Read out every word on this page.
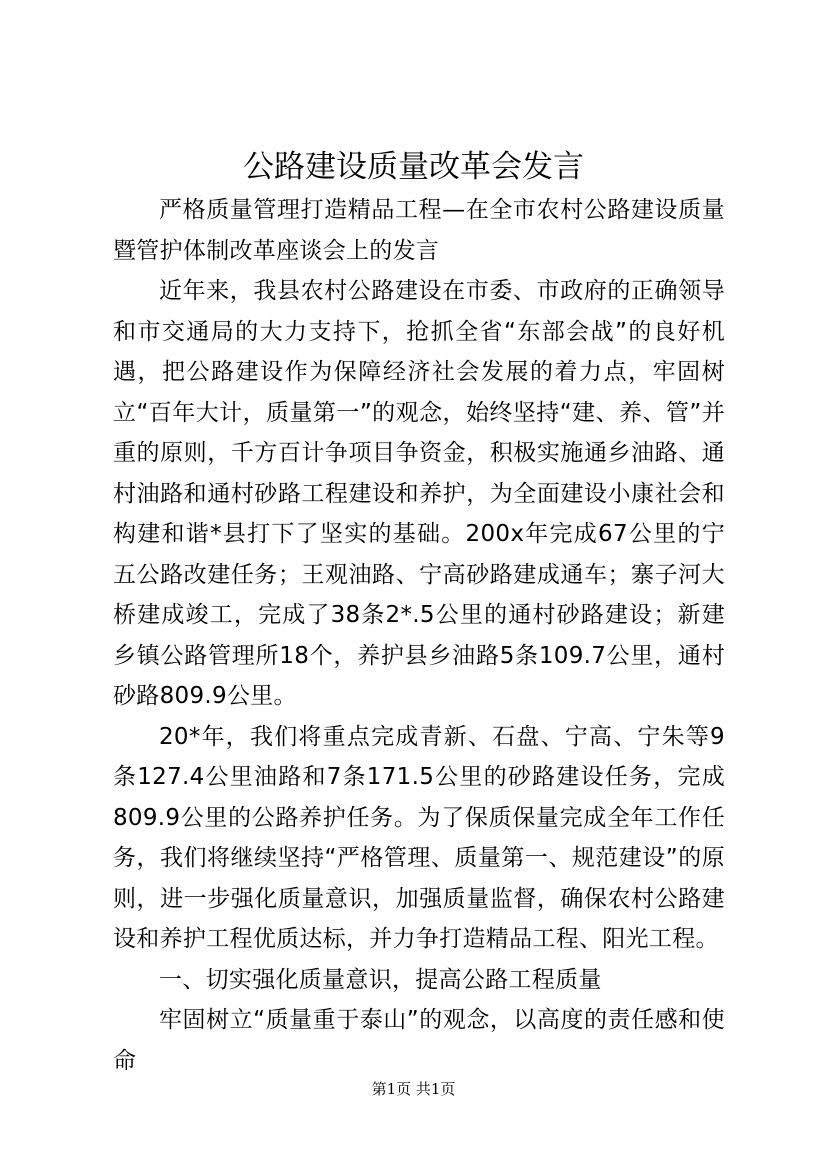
公路建设质量改革会发言

严格质量管理打造精品工程—在全市农村公路建设质量暨管护体制改革座谈会上的发言

近年来，我县农村公路建设在市委、市政府的正确领导和市交通局的大力支持下，抢抓全省“东部会战”的良好机遇，把公路建设作为保障经济社会发展的着力点，牢固树立“百年大计，质量第一”的观念，始终坚持“建、养、管”并重的原则，千方百计争项目争资金，积极实施通乡油路、通村油路和通村砂路工程建设和养护，为全面建设小康社会和构建和谐*县打下了坚实的基础。200x年完成67公里的宁五公路改建任务；王观油路、宁高砂路建成通车；寨子河大桥建成竣工，完成了38条2*.5公里的通村砂路建设；新建乡镇公路管理所18个，养护县乡油路5条109.7公里，通村砂路809.9公里。

20*年，我们将重点完成青新、石盘、宁高、宁朱等9条127.4公里油路和7条171.5公里的砂路建设任务，完成809.9公里的公路养护任务。为了保质保量完成全年工作任务，我们将继续坚持“严格管理、质量第一、规范建设”的原则，进一步强化质量意识，加强质量监督，确保农村公路建设和养护工程优质达标，并力争打造精品工程、阳光工程。

一、切实强化质量意识，提高公路工程质量

牢固树立“质量重于泰山”的观念，以高度的责任感和使命

第1页 共1页
